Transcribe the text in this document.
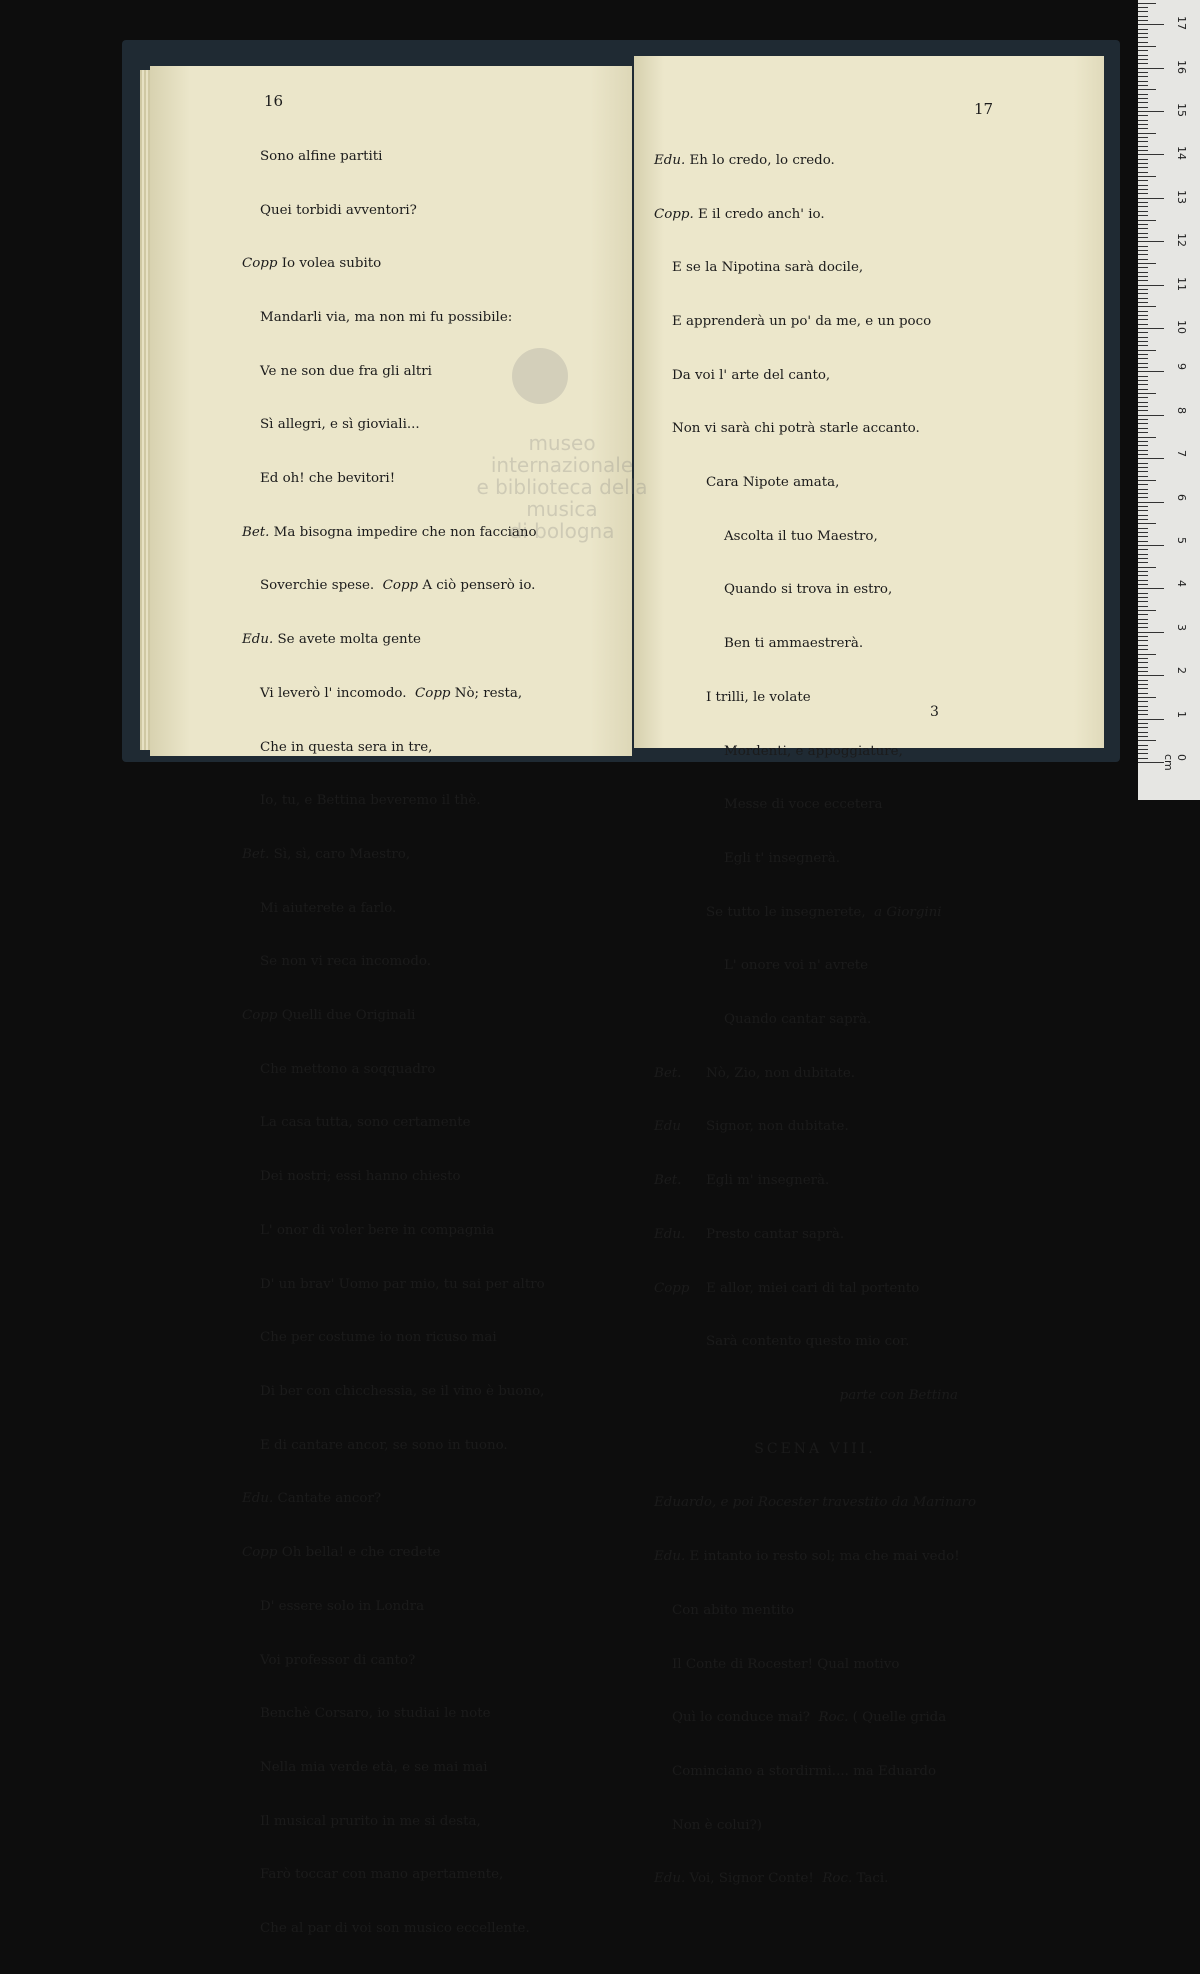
16

Sono alfine partiti

Quei torbidi avventori?

Copp Io volea subito

Mandarli via, ma non mi fu possibile:

Ve ne son due fra gli altri

Sì allegri, e sì gioviali...

Ed oh! che bevitori!

Bet. Ma bisogna impedire che non facciano

Soverchie spese. Copp A ciò penserò io.

Edu. Se avete molta gente

Vi leverò l' incomodo. Copp Nò; resta,

Che in questa sera in tre,

Io, tu, e Bettina beveremo il thè.

Bet. Sì, sì, caro Maestro,

Mi aiuterete a farlo.

Se non vi reca incomodo.

Copp Quelli due Originali

Che mettono a soqquadro

La casa tutta, sono certamente

Dei nostri; essi hanno chiesto

L' onor di voler bere in compagnia

D' un brav' Uomo par mio, tu sai per altro

Che per costume io non ricuso mai

Di ber con chicchessia, se il vino è buono,

E di cantare ancor, se sono in tuono.

Edu. Cantate ancor?

Copp Oh bella! e che credete

D' essere solo in Londra

Voi professor di canto?

Benchè Corsaro, io studiai le note

Nella mia verde età, e se mai mai

Il musical prurito in me si desta,

Farò toccar con mano apertamente,

Che al par di voi son musico eccellente.

17

Edu. Eh lo credo, lo credo.

Copp. E il credo anch' io.

E se la Nipotina sarà docile,

E apprenderà un po' da me, e un poco

Da voi l' arte del canto,

Non vi sarà chi potrà starle accanto.

Cara Nipote amata,

Ascolta il tuo Maestro,

Quando si trova in estro,

Ben ti ammaestrerà.

I trilli, le volate

Mordenti, e appoggiature,

Messe di voce eccetera

Egli t' insegnerà.

Se tutto le insegnerete, a Giorgini

L' onore voi n' avrete

Quando cantar saprà.

Bet. Nò, Zio, non dubitate.

Edu Signor, non dubitate.

Bet. Egli m' insegnerà.

Edu. Presto cantar saprà.

Copp E allor, miei cari di tal portento

Sarà contento questo mio cor.

parte con Bettina

SCENA VIII.

Eduardo, e poi Rocester travestito da Marinaro

Edu. E intanto io resto sol; ma che mai vedo!

Con abito mentito

Il Conte di Rocester! Qual motivo

Quì lo conduce mai? Roc. ( Quelle grida

Cominciano a stordirmi.... ma Eduardo

Non è colui?)

Edu. Voi, Signor Conte! Roc. Taci.

3
museo internazionale
e biblioteca della musica
di bologna
0 cm
1
2
3
4
5
6
7
8
9
10
11
12
13
14
15
16
17
